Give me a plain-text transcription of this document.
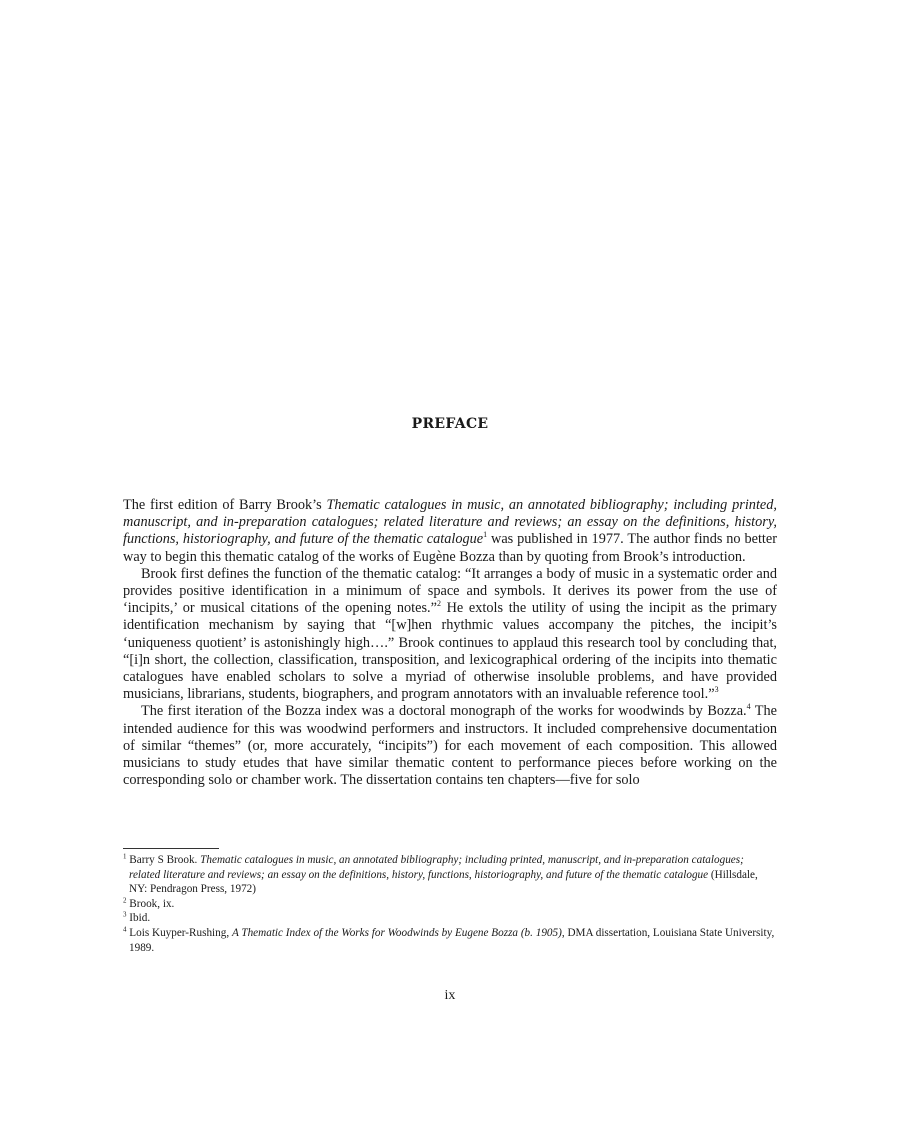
PREFACE

The first edition of Barry Brook’s Thematic catalogues in music, an annotated bibliography; including printed, manuscript, and in-preparation catalogues; related literature and reviews; an essay on the definitions, history, functions, historiography, and future of the thematic catalogue$^1$ was published in 1977. The author finds no better way to begin this thematic catalog of the works of Eugène Bozza than by quoting from Brook’s introduction.

Brook first defines the function of the thematic catalog: “It arranges a body of music in a systematic order and provides positive identification in a minimum of space and symbols. It derives its power from the use of ‘incipits,’ or musical citations of the opening notes.”$^2$ He extols the utility of using the incipit as the primary identification mechanism by saying that “[w]hen rhythmic values accompany the pitches, the incipit’s ‘uniqueness quotient’ is astonishingly high….” Brook continues to applaud this research tool by concluding that, “[i]n short, the collection, classification, transposition, and lexicographical ordering of the incipits into thematic catalogues have enabled scholars to solve a myriad of otherwise insoluble problems, and have provided musicians, librarians, students, biographers, and program annotators with an invaluable reference tool.”$^3$

The first iteration of the Bozza index was a doctoral monograph of the works for woodwinds by Bozza.$^4$ The intended audience for this was woodwind performers and instructors. It included comprehensive documentation of similar “themes” (or, more accurately, “incipits”) for each movement of each composition. This allowed musicians to study etudes that have similar thematic content to performance pieces before working on the corresponding solo or chamber work. The dissertation contains ten chapters—five for solo

$^1$ Barry S Brook. Thematic catalogues in music, an annotated bibliography; including printed, manuscript, and in-preparation catalogues; related literature and reviews; an essay on the definitions, history, functions, historiography, and future of the thematic catalogue (Hillsdale, NY: Pendragon Press, 1972)
$^2$ Brook, ix.
$^3$ Ibid.
$^4$ Lois Kuyper-Rushing, A Thematic Index of the Works for Woodwinds by Eugene Bozza (b. 1905), DMA dissertation, Louisiana State University, 1989.
ix
